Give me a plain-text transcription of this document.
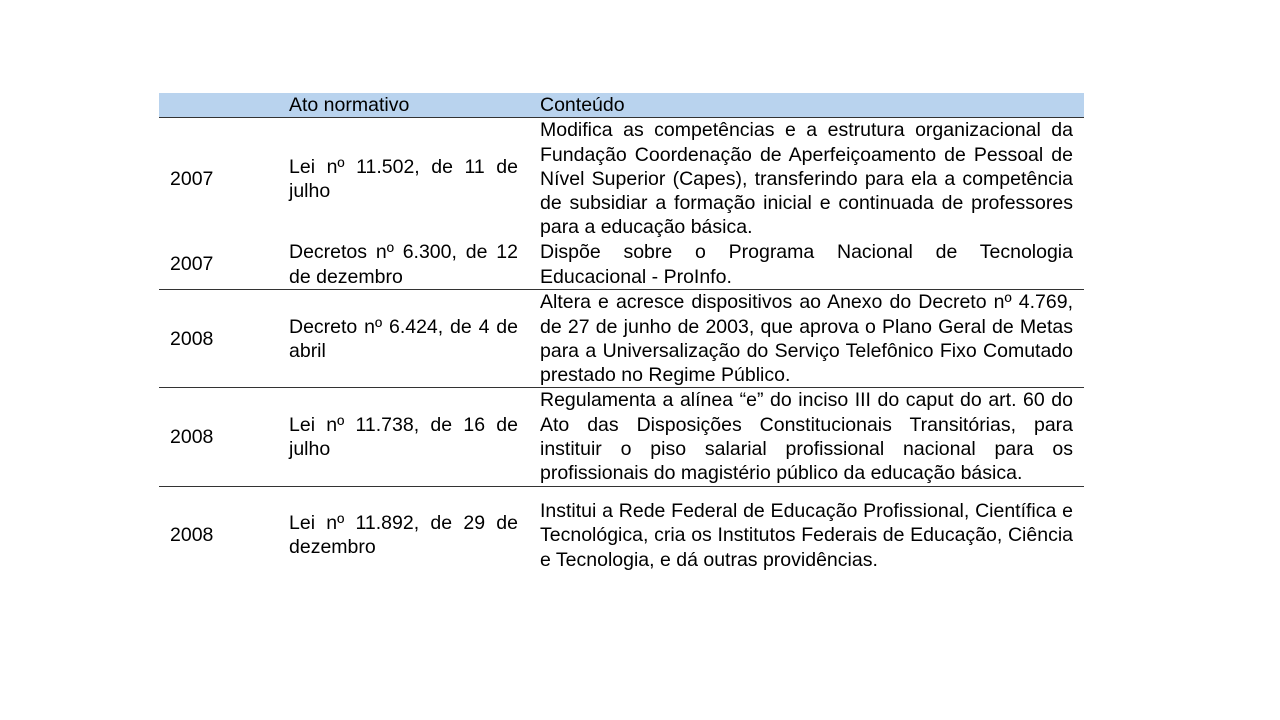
	Ato normativo	Conteúdo
2007	Lei nº 11.502, de 11 de julho	Modifica as competências e a estrutura organizacional da Fundação Coordenação de Aperfeiçoamento de Pessoal de Nível Superior (Capes), transferindo para ela a competência de subsidiar a formação inicial e continuada de professores para a educação básica.

2007	Decretos nº 6.300, de 12 de dezembro	Dispõe sobre o Programa Nacional de Tecnologia Educacional - ProInfo.

2008	Decreto nº 6.424, de 4 de abril	Altera e acresce dispositivos ao Anexo do Decreto nº 4.769, de 27 de junho de 2003, que aprova o Plano Geral de Metas para a Universalização do Serviço Telefônico Fixo Comutado prestado no Regime Público.

2008	Lei nº 11.738, de 16 de julho	Regulamenta a alínea “e” do inciso III do caput do art. 60 do Ato das Disposições Constitucionais Transitórias, para instituir o piso salarial profissional nacional para os profissionais do magistério público da educação básica.

2008	Lei nº 11.892, de 29 de dezembro	Institui a Rede Federal de Educação Profissional, Científica e Tecnológica, cria os Institutos Federais de Educação, Ciência e Tecnologia, e dá outras providências.
